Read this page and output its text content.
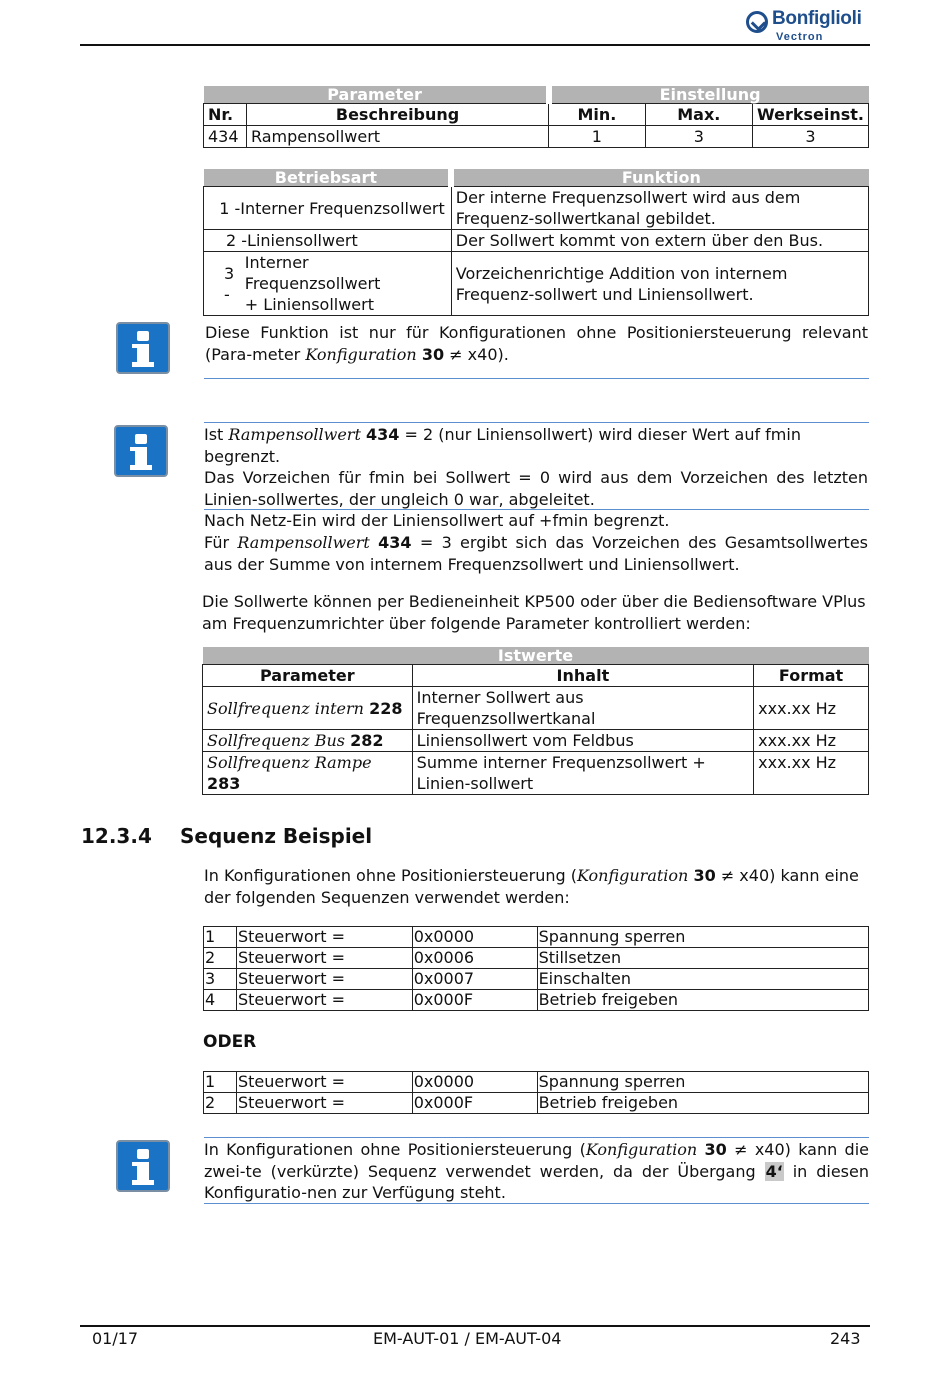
Bonfiglioli
Vectron
Parameter		Einstellung		
Nr.	Beschreibung	Min.	Max.	Werkseinst.
434	Rampensollwert	1	3	3
Betriebsart	Funktion
1 -Interner Frequenzsollwert	Der interne Frequenzsollwert wird aus dem Frequenz-sollwertkanal gebildet.
2 -Liniensollwert	Der Sollwert kommt von extern über den Bus.

3 -
Interner Frequenzsollwert
+ Liniensollwert	Vorzeichenrichtige Addition von internem Frequenz-sollwert und Liniensollwert.
Diese Funktion ist nur für Konfigurationen ohne Positioniersteuerung relevant (Para-meter Konfiguration 30 ≠ x40).
Ist Rampensollwert 434 = 2 (nur Liniensollwert) wird dieser Wert auf fmin begrenzt.
Das Vorzeichen für fmin bei Sollwert = 0 wird aus dem Vorzeichen des letzten Linien-sollwertes, der ungleich 0 war, abgeleitet.
Nach Netz-Ein wird der Liniensollwert auf +fmin begrenzt.
Für Rampensollwert 434 = 3 ergibt sich das Vorzeichen des Gesamtsollwertes aus der Summe von internem Frequenzsollwert und Liniensollwert.
Die Sollwerte können per Bedieneinheit KP500 oder über die Bediensoftware VPlus am Frequenzumrichter über folgende Parameter kontrolliert werden:
Istwerte		
Parameter	Inhalt	Format
Sollfrequenz intern 228	Interner Sollwert aus Frequenzsollwertkanal	xxx.xx Hz
Sollfrequenz Bus 282	Liniensollwert vom Feldbus	xxx.xx Hz
Sollfrequenz Rampe 283	Summe interner Frequenzsollwert + Linien-sollwert	xxx.xx Hz
12.3.4 Sequenz Beispiel
In Konfigurationen ohne Positioniersteuerung (Konfiguration 30 ≠ x40) kann eine der folgenden Sequenzen verwendet werden:
1	Steuerwort =	0x0000	Spannung sperren
2	Steuerwort =	0x0006	Stillsetzen
3	Steuerwort =	0x0007	Einschalten
4	Steuerwort =	0x000F	Betrieb freigeben
ODER
1	Steuerwort =	0x0000	Spannung sperren
2	Steuerwort =	0x000F	Betrieb freigeben
In Konfigurationen ohne Positioniersteuerung (Konfiguration 30 ≠ x40) kann die zwei-te (verkürzte) Sequenz verwendet werden, da der Übergang 4‘ in diesen Konfiguratio-nen zur Verfügung steht.
01/17	EM-AUT-01 / EM-AUT-04	243
